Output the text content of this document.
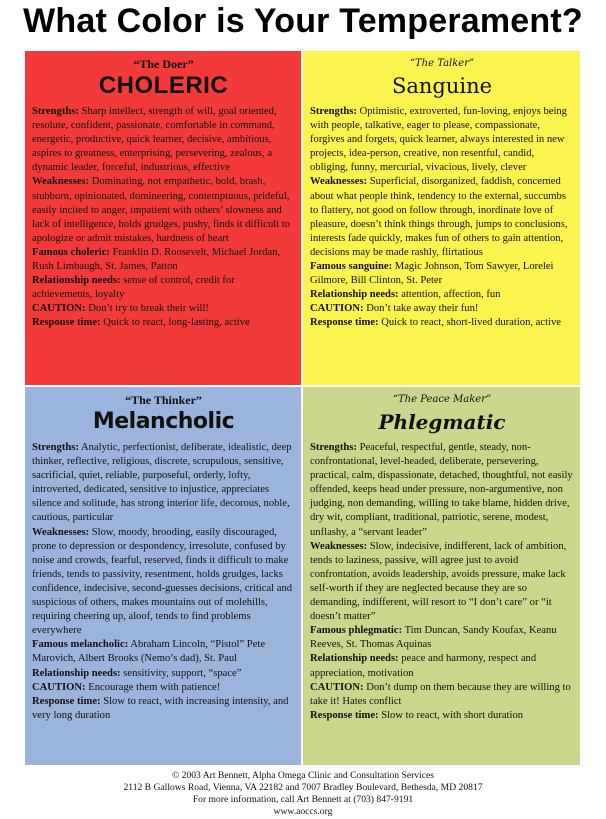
What Color is Your Temperament?
“The Doer”
CHOLERIC

Strengths: Sharp intellect, strength of will, goal oriented, resolute, confident, passionate, comfortable in command, energetic, productive, quick learner, decisive, ambitious, aspires to greatness, enterprising, persevering, zealous, a dynamic leader, forceful, industrious, effective

Weaknesses: Dominating, not empathetic, bold, brash, stubborn, opinionated, domineering, contemptuous, prideful, easily incited to anger, impatient with others’ slowness and lack of intelligence, holds grudges, pushy, finds it difficult to apologize or admit mistakes, hardness of heart

Famous choleric: Franklin D. Roosevelt, Michael Jordan, Rush Limbaugh, St. James, Patton

Relationship needs: sense of control, credit for achievements, loyalty

CAUTION: Don’t try to break their will!

Response time: Quick to react, long-lasting, active

“The Talker”
Sanguine

Strengths: Optimistic, extroverted, fun-loving, enjoys being with people, talkative, eager to please, compassionate, forgives and forgets, quick learner, always interested in new projects, idea-person, creative, non resentful, candid, obliging, funny, mercurial, vivacious, lively, clever

Weaknesses: Superficial, disorganized, faddish, concerned about what people think, tendency to the external, succumbs to flattery, not good on follow through, inordinate love of pleasure, doesn’t think things through, jumps to conclusions, interests fade quickly, makes fun of others to gain attention, decisions may be made rashly, flirtatious

Famous sanguine: Magic Johnson, Tom Sawyer, Lorelei Gilmore, Bill Clinton, St. Peter

Relationship needs: attention, affection, fun

CAUTION: Don’t take away their fun!

Response time: Quick to react, short-lived duration, active

“The Thinker”
Melancholic

Strengths: Analytic, perfectionist, deliberate, idealistic, deep thinker, reflective, religious, discrete, scrupulous, sensitive, sacrificial, quiet, reliable, purposeful, orderly, lofty, introverted, dedicated, sensitive to injustice, appreciates silence and solitude, has strong interior life, decorous, noble, cautious, particular

Weaknesses: Slow, moody, brooding, easily discouraged, prone to depression or despondency, irresolute, confused by noise and crowds, fearful, reserved, finds it difficult to make friends, tends to passivity, resentment, holds grudges, lacks confidence, indecisive, second-guesses decisions, critical and suspicious of others, makes mountains out of molehills, requiring cheering up, aloof, tends to find problems everywhere

Famous melancholic: Abraham Lincoln, “Pistol” Pete Marovich, Albert Brooks (Nemo’s dad), St. Paul

Relationship needs: sensitivity, support, “space”

CAUTION: Encourage them with patience!

Response time: Slow to react, with increasing intensity, and very long duration

“The Peace Maker”
Phlegmatic

Strengths: Peaceful, respectful, gentle, steady, non-confrontational, level-headed, deliberate, persevering, practical, calm, dispassionate, detached, thoughtful, not easily offended, keeps head under pressure, non-argumentive, non judging, non demanding, willing to take blame, hidden drive, dry wit, compliant, traditional, patriotic, serene, modest, unflashy, a “servant leader”

Weaknesses: Slow, indecisive, indifferent, lack of ambition, tends to laziness, passive, will agree just to avoid confrontation, avoids leadership, avoids pressure, make lack self-worth if they are neglected because they are so demanding, indifferent, will resort to “I don’t care” or “it doesn’t matter”

Famous phlegmatic: Tim Duncan, Sandy Koufax, Keanu Reeves, St. Thomas Aquinas

Relationship needs: peace and harmony, respect and appreciation, motivation

CAUTION: Don’t dump on them because they are willing to take it! Hates conflict

Response time: Slow to react, with short duration

© 2003 Art Bennett, Alpha Omega Clinic and Consultation Services
2112 B Gallows Road, Vienna, VA 22182 and 7007 Bradley Boulevard, Bethesda, MD 20817
For more information, call Art Bennett at (703) 847-9191
www.aoccs.org
